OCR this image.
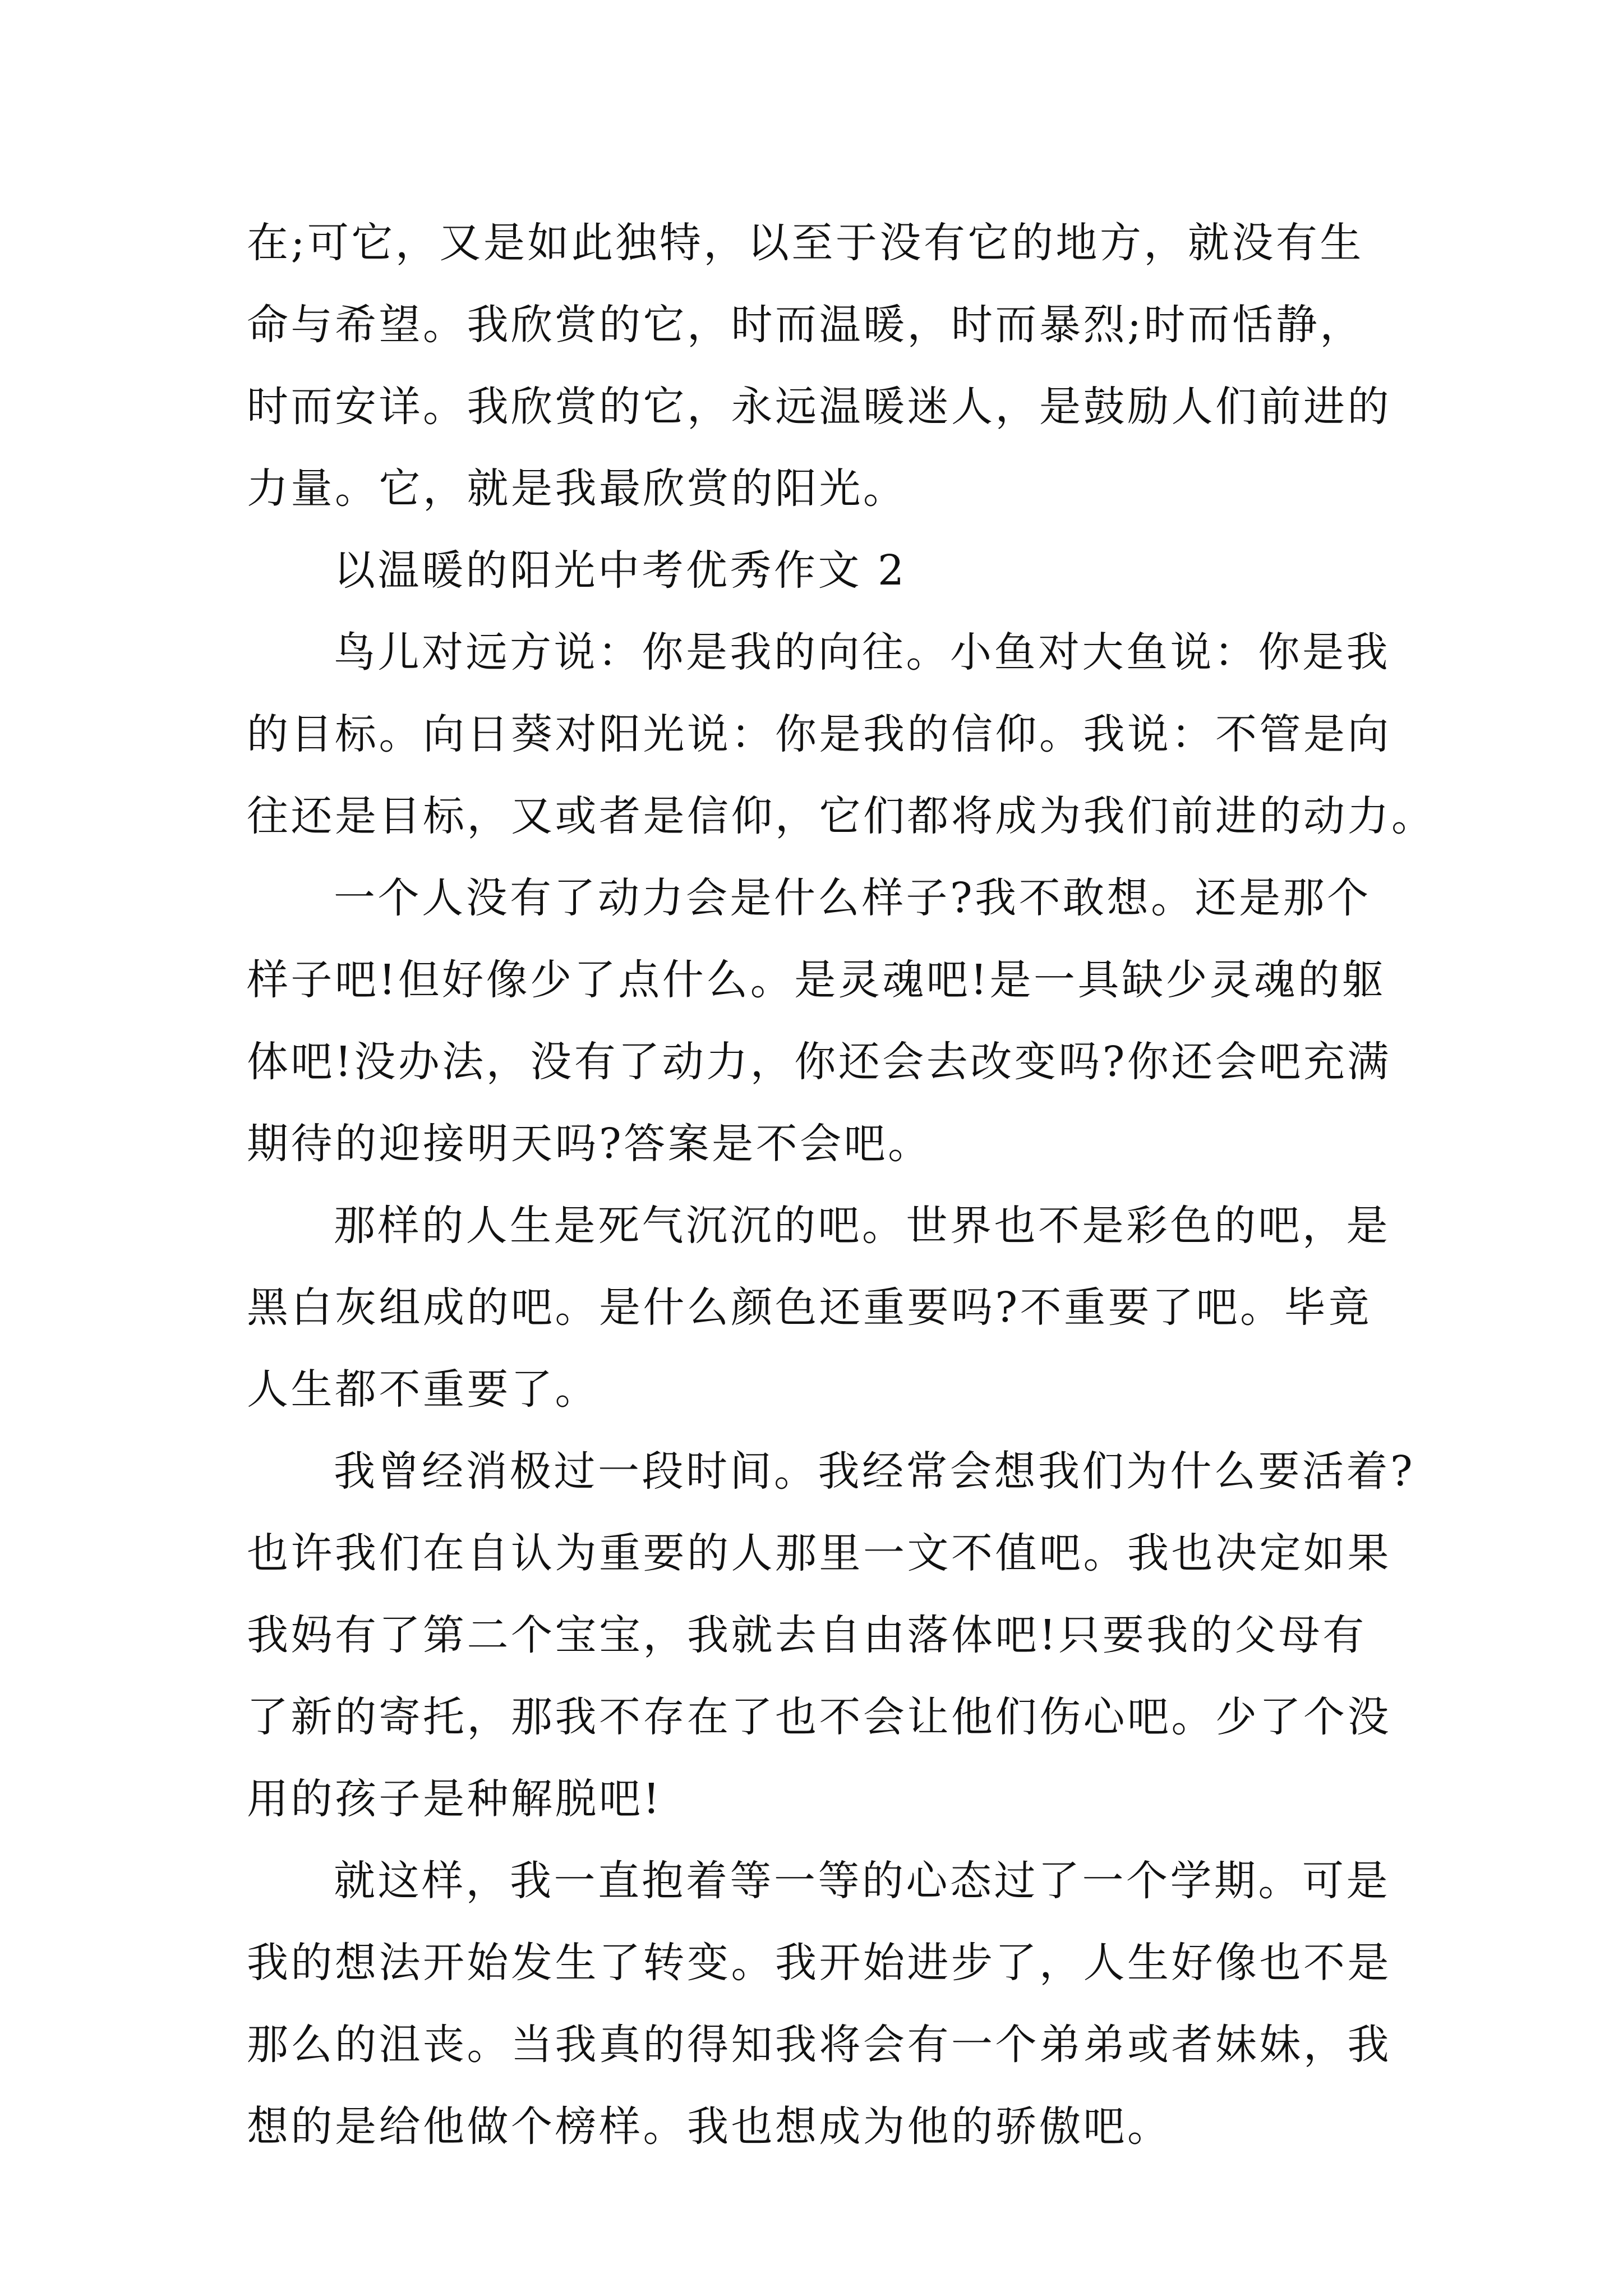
在;可它，又是如此独特，以至于没有它的地方，就没有生
命与希望。我欣赏的它，时而温暖，时而暴烈;时而恬静，
时而安详。我欣赏的它，永远温暖迷人，是鼓励人们前进的
力量。它，就是我最欣赏的阳光。
以温暖的阳光中考优秀作文 2
鸟儿对远方说：你是我的向往。小鱼对大鱼说：你是我
的目标。向日葵对阳光说：你是我的信仰。我说：不管是向
往还是目标，又或者是信仰，它们都将成为我们前进的动力。
一个人没有了动力会是什么样子?我不敢想。还是那个
样子吧!但好像少了点什么。是灵魂吧!是一具缺少灵魂的躯
体吧!没办法，没有了动力，你还会去改变吗?你还会吧充满
期待的迎接明天吗?答案是不会吧。
那样的人生是死气沉沉的吧。世界也不是彩色的吧，是
黑白灰组成的吧。是什么颜色还重要吗?不重要了吧。毕竟
人生都不重要了。
我曾经消极过一段时间。我经常会想我们为什么要活着?
也许我们在自认为重要的人那里一文不值吧。我也决定如果
我妈有了第二个宝宝，我就去自由落体吧!只要我的父母有
了新的寄托，那我不存在了也不会让他们伤心吧。少了个没
用的孩子是种解脱吧!
就这样，我一直抱着等一等的心态过了一个学期。可是
我的想法开始发生了转变。我开始进步了，人生好像也不是
那么的沮丧。当我真的得知我将会有一个弟弟或者妹妹，我
想的是给他做个榜样。我也想成为他的骄傲吧。
